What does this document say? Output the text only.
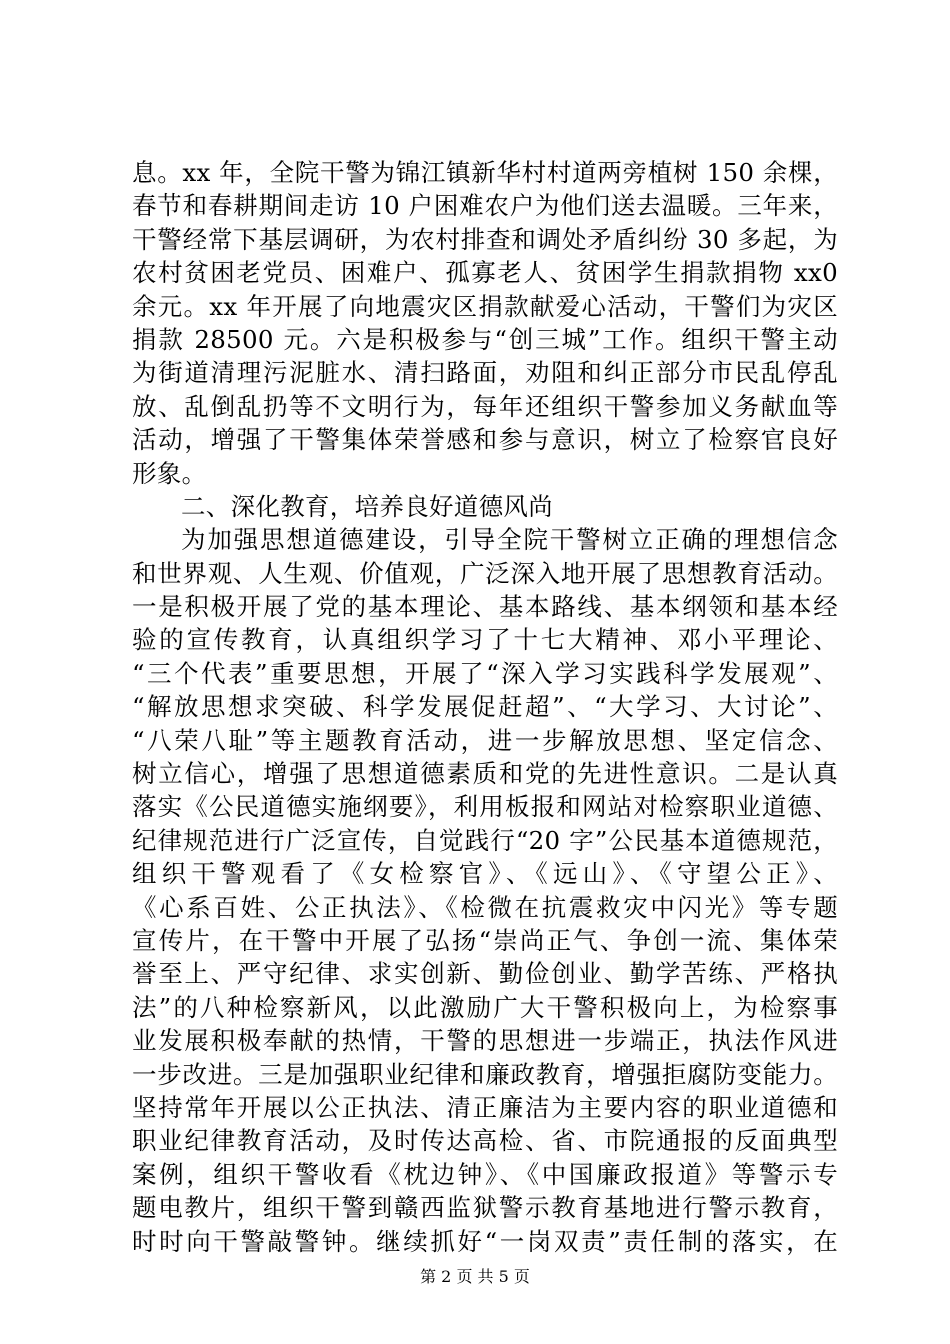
息。xx 年，全院干警为锦江镇新华村村道两旁植树 150 余棵，
春节和春耕期间走访 10 户困难农户为他们送去温暖。三年来，
干警经常下基层调研，为农村排查和调处矛盾纠纷 30 多起，为
农村贫困老党员、困难户、孤寡老人、贫困学生捐款捐物 xx0
余元。xx 年开展了向地震灾区捐款献爱心活动，干警们为灾区
捐款 28500 元。六是积极参与“创三城”工作。组织干警主动
为街道清理污泥脏水、清扫路面，劝阻和纠正部分市民乱停乱
放、乱倒乱扔等不文明行为，每年还组织干警参加义务献血等
活动，增强了干警集体荣誉感和参与意识，树立了检察官良好
形象。
二、深化教育，培养良好道德风尚
为加强思想道德建设，引导全院干警树立正确的理想信念
和世界观、人生观、价值观，广泛深入地开展了思想教育活动。
一是积极开展了党的基本理论、基本路线、基本纲领和基本经
验的宣传教育，认真组织学习了十七大精神、邓小平理论、
“三个代表”重要思想，开展了“深入学习实践科学发展观”、
“解放思想求突破、科学发展促赶超”、“大学习、大讨论”、
“八荣八耻”等主题教育活动，进一步解放思想、坚定信念、
树立信心，增强了思想道德素质和党的先进性意识。二是认真
落实《公民道德实施纲要》，利用板报和网站对检察职业道德、
纪律规范进行广泛宣传，自觉践行“20 字”公民基本道德规范，
组织干警观看了《女检察官》、《远山》、《守望公正》、
《心系百姓、公正执法》、《检微在抗震救灾中闪光》等专题
宣传片，在干警中开展了弘扬“崇尚正气、争创一流、集体荣
誉至上、严守纪律、求实创新、勤俭创业、勤学苦练、严格执
法”的八种检察新风，以此激励广大干警积极向上，为检察事
业发展积极奉献的热情，干警的思想进一步端正，执法作风进
一步改进。三是加强职业纪律和廉政教育，增强拒腐防变能力。
坚持常年开展以公正执法、清正廉洁为主要内容的职业道德和
职业纪律教育活动，及时传达高检、省、市院通报的反面典型
案例，组织干警收看《枕边钟》、《中国廉政报道》等警示专
题电教片，组织干警到赣西监狱警示教育基地进行警示教育，
时时向干警敲警钟。继续抓好“一岗双责”责任制的落实，在
第 2 页 共 5 页
